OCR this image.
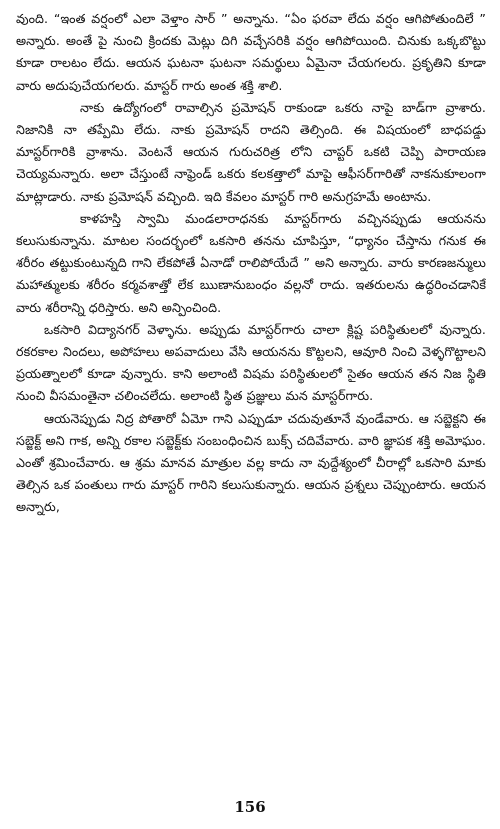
వుంది. “ఇంత వర్షంలో ఎలా వెళ్తాం సార్ ” అన్నాను. “ఏం ఫరవా లేదు వర్షం ఆగిపోతుందిలే ” అన్నారు. అంతే పై నుంచి క్రిందకు మెట్లు దిగి వచ్చేసరికి వర్షం ఆగిపోయింది. చినుకు ఒక్కబొట్టు కూడా రాలటం లేదు. ఆయన ఘటనా ఘటనా సమర్థులు ఏమైనా చేయగలరు. ప్రకృతిని కూడా వారు అదుపుచేయగలరు. మాస్టర్ గారు అంత శక్తి శాలి.

నాకు ఉద్యోగంలో రావాల్సిన ప్రమోషన్ రాకుండా ఒకరు నాపై బాడ్‌గా వ్రాశారు. నిజానికి నా తప్పేమి లేదు. నాకు ప్రమోషన్ రాదని తెల్సింది. ఈ విషయంలో బాధపడ్డు మాస్టర్‌గారికి వ్రాశాను. వెంటనే ఆయన గురుచరిత్ర లోని చాప్టర్ ఒకటి చెప్పి పారాయణ చెయ్యమన్నారు. అలా చేస్తుంటే నాఫ్రెండ్ ఒకరు కలకత్తాలో మాపై ఆఫీసర్‌గారితో నాకనుకూలంగా మాట్లాడారు. నాకు ప్రమోషన్ వచ్చింది. ఇది కేవలం మాస్టర్ గారి అనుగ్రహమే అంటాను.

కాళహస్తి స్వామి మండలారాధనకు మాస్టర్‌గారు వచ్చినప్పుడు ఆయనను కలుసుకున్నాను. మాటల సందర్భంలో ఒకసారి తనను చూపిస్తూ, “ధ్యానం చేస్తాను గనుక ఈ శరీరం తట్టుకుంటున్నది గాని లేకపోతే ఏనాడో రాలిపోయేదే ” అని అన్నారు. వారు కారణజన్ములు మహాత్ములకు శరీరం కర్మవశాత్తో లేక ఋణానుబంధం వల్లనో రాదు. ఇతరులను ఉద్ధరించడానికే వారు శరీరాన్ని ధరిస్తారు. అని అన్పించింది.

ఒకసారి విద్యానగర్ వెళ్ళాను. అప్పుడు మాస్టర్‌గారు చాలా క్లిష్ట పరిస్థితులలో వున్నారు. రకరకాల నిందలు, అపోహలు అపవాదులు వేసి ఆయనను కొట్టలని, ఆవూరి నించి వెళ్ళగొట్టాలని ప్రయత్నాలలో కూడా వున్నారు. కాని అలాంటి విషమ పరిస్థితులలో సైతం ఆయన తన నిజ స్థితి నుంచి వీసమంతైనా చలించలేదు. అలాంటి స్థిత ప్రజ్ఞులు మన మాస్టర్‌గారు.

ఆయనెప్పుడు నిద్ర పోతారో ఏమో గాని ఎప్పుడూ చదువుతూనే వుండేవారు. ఆ సబ్జెక్టని ఈ సబ్జెక్ట్ అని గాక, అన్ని రకాల సబ్జెక్ట్‌కు సంబంధించిన బుక్స్ చదివేవారు. వారి జ్ఞాపక శక్తి అమోఘం. ఎంతో శ్రమించేవారు. ఆ శ్రమ మానవ మాత్రుల వల్ల కాదు నా వుద్దేశ్యంలో చీరాల్లో ఒకసారి మాకు తెల్సిన ఒక పంతులు గారు మాస్టర్ గారిని కలుసుకున్నారు. ఆయన ప్రశ్నలు చెప్పుంటారు. ఆయన అన్నారు,

156
